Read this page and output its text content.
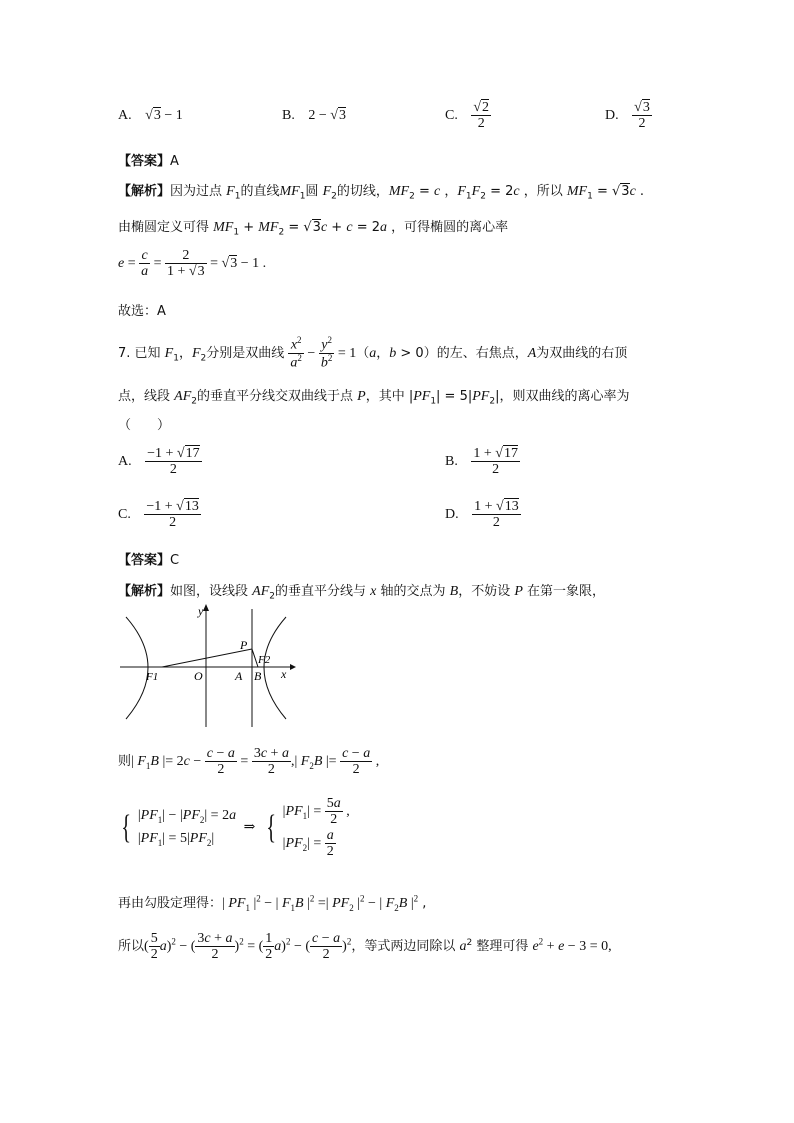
A. √3 − 1	B. 2 − √3	C. $\frac{√2}{2}$	D. $\frac{√3}{2}$
【答案】A
【解析】因为过点 $F_1$的直线$MF_1$圆 $F_2$的切线，$MF_2 = c$ ，$F_1F_2 = 2c$ ，所以 $MF_1 = √3c$ .
由椭圆定义可得 $MF_1 + MF_2 = √3c + c = 2a$ ，可得椭圆的离心率
$e = \frac{c}{a} = \frac{2}{1 + √3} = √3 - 1$ .
故选：A
7. 已知 $F_1$，$F_2$分别是双曲线 $\frac{x^2}{a^2} - \frac{y^2}{b^2} = 1(a$，b > 0）的左、右焦点，A为双曲线的右顶
点，线段 $AF_2$的垂直平分线交双曲线于点 P，其中 $|PF_1| = 5|PF_2|$，则双曲线的离心率为
（　　）
A. $\frac{-1 + √17}{2}$	B. $\frac{1 + √17}{2}$
C. $\frac{-1 + √13}{2}$	D. $\frac{1 + √13}{2}$
【答案】C
【解析】如图，设线段 $AF_2$的垂直平分线与 x 轴的交点为 B，不妨设 P 在第一象限，
y
x
P
F2
F1	O	A B
则| $F_1B$ |= $2c - \frac{c - a}{2} = \frac{3c + a}{2}$ ,| $F_2B$ |= $\frac{c - a}{2}$ ,
{ $|PF_1| - |PF_2| = 2a$
$|PF_1| = 5|PF_2|$ ⇒ { $|PF_1| = \frac{5a}{2}$ ,
$|PF_2| = \frac{a}{2}$
再由勾股定理得：| $PF_1$ $|^2$ − | $F_1B$ $|^2$ =| $PF_2$ $|^2$ − | $F_2B$ $|^2$ ,
所以( $\frac{5}{2} a)^2$ − ( $\frac{3c + a}{2} )^2$ = ( $\frac{1}{2} a)^2$ − ( $\frac{c - a}{2} )^2$，等式两边同除以 $a^2$ 整理可得 $e^2 + e - 3 = 0$,
